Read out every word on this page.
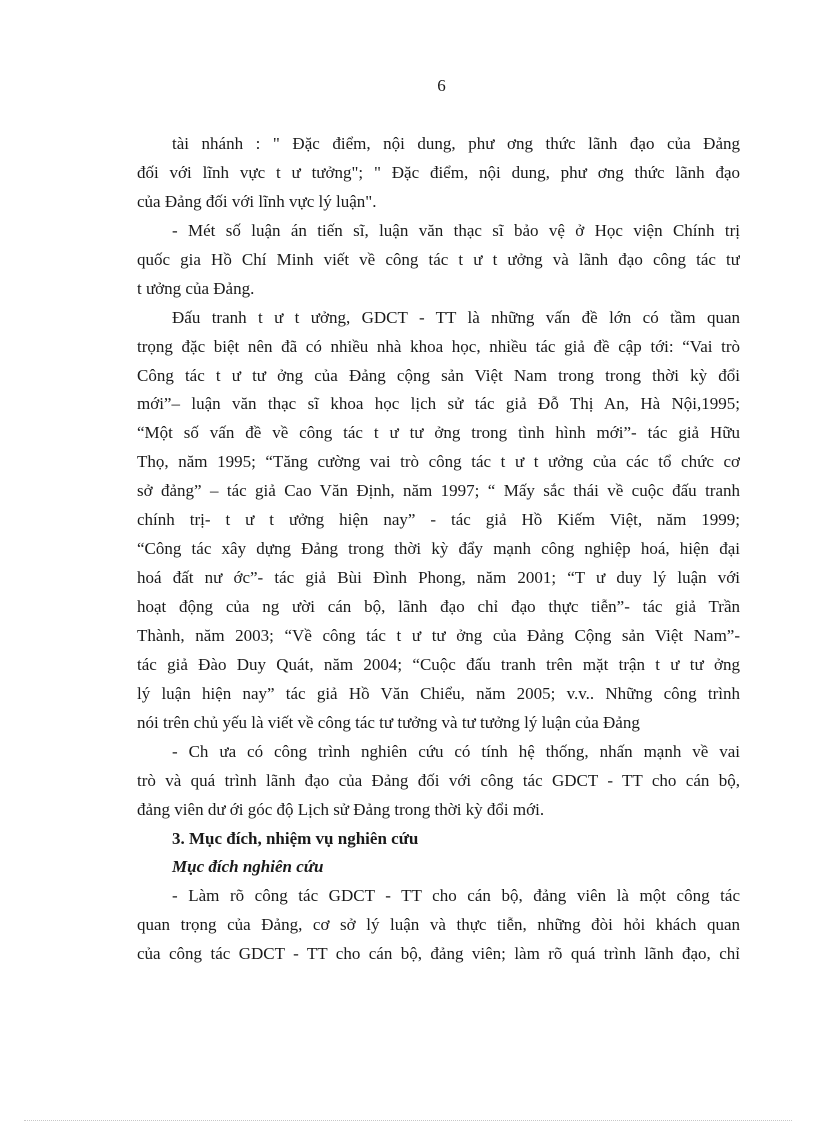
6
tài nhánh : " Đặc điểm, nội dung, phư ơng thức lãnh đạo của Đảng
đối với lĩnh vực t ư tưởng"; " Đặc điểm, nội dung, phư ơng thức lãnh đạo
của Đảng đối với lĩnh vực lý luận".
- Mét số luận án tiến sĩ, luận văn thạc sĩ bảo vệ ở Học viện Chính trị
quốc gia Hồ Chí Minh viết về công tác t ư t ưởng và lãnh đạo công tác tư
t ưởng của Đảng.
Đấu tranh t ư t ưởng, GDCT - TT là những vấn đề lớn có tầm quan
trọng đặc biệt nên đã có nhiều nhà khoa học, nhiều tác giả đề cập tới: “Vai trò
Công tác t ư tư ởng của Đảng cộng sản Việt Nam trong trong thời kỳ đổi
mới”– luận văn thạc sĩ khoa học lịch sử tác giả Đỗ Thị An, Hà Nội,1995;
“Một số vấn đề về công tác t ư tư ởng trong tình hình mới”- tác giả Hữu
Thọ, năm 1995; “Tăng cường vai trò công tác t ư t ưởng của các tổ chức cơ
sở đảng” – tác giả Cao Văn Định, năm 1997; “ Mấy sắc thái về cuộc đấu tranh
chính trị- t ư t ưởng hiện nay” - tác giả Hồ Kiếm Việt, năm 1999;
“Công tác xây dựng Đảng trong thời kỳ đẩy mạnh công nghiệp hoá, hiện đại
hoá đất nư ớc”- tác giả Bùi Đình Phong, năm 2001; “T ư duy lý luận với
hoạt động của ng ười cán bộ, lãnh đạo chỉ đạo thực tiễn”- tác giả Trần
Thành, năm 2003; “Về công tác t ư tư ởng của Đảng Cộng sản Việt Nam”-
tác giả Đào Duy Quát, năm 2004; “Cuộc đấu tranh trên mặt trận t ư tư ởng
lý luận hiện nay” tác giả Hồ Văn Chiểu, năm 2005; v.v.. Những công trình
nói trên chủ yếu là viết về công tác tư tưởng và tư tưởng lý luận của Đảng
- Ch ưa có công trình nghiên cứu có tính hệ thống, nhấn mạnh về vai
trò và quá trình lãnh đạo của Đảng đối với công tác GDCT - TT cho cán bộ,
đảng viên dư ới góc độ Lịch sử Đảng trong thời kỳ đổi mới.
3. Mục đích, nhiệm vụ nghiên cứu
Mục đích nghiên cứu
- Làm rõ công tác GDCT - TT cho cán bộ, đảng viên là một công tác
quan trọng của Đảng, cơ sở lý luận và thực tiễn, những đòi hỏi khách quan
của công tác GDCT - TT cho cán bộ, đảng viên; làm rõ quá trình lãnh đạo, chỉ
